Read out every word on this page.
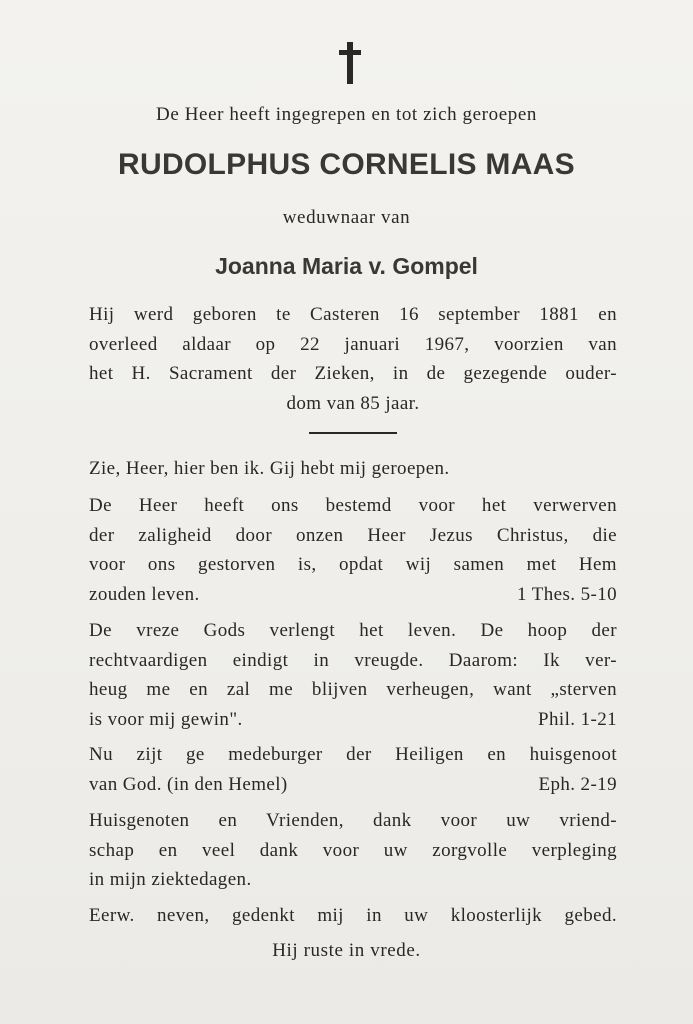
De Heer heeft ingegrepen en tot zich geroepen
RUDOLPHUS CORNELIS MAAS
weduwnaar van
Joanna Maria v. Gompel
Hij werd geboren te Casteren 16 september 1881 en
overleed aldaar op 22 januari 1967, voorzien van
het H. Sacrament der Zieken, in de gezegende ouder-
dom van 85 jaar.
Zie, Heer, hier ben ik. Gij hebt mij geroepen.
De Heer heeft ons bestemd voor het verwerven
der zaligheid door onzen Heer Jezus Christus, die
voor ons gestorven is, opdat wij samen met Hem
zouden leven.	1 Thes. 5-10
De vreze Gods verlengt het leven. De hoop der
rechtvaardigen eindigt in vreugde. Daarom: Ik ver-
heug me en zal me blijven verheugen, want „sterven
is voor mij gewin".	Phil. 1-21
Nu zijt ge medeburger der Heiligen en huisgenoot
van God. (in den Hemel)	Eph. 2-19
Huisgenoten en Vrienden, dank voor uw vriend-
schap en veel dank voor uw zorgvolle verpleging
in mijn ziektedagen.
Eerw. neven, gedenkt mij in uw kloosterlijk gebed.
Hij ruste in vrede.
